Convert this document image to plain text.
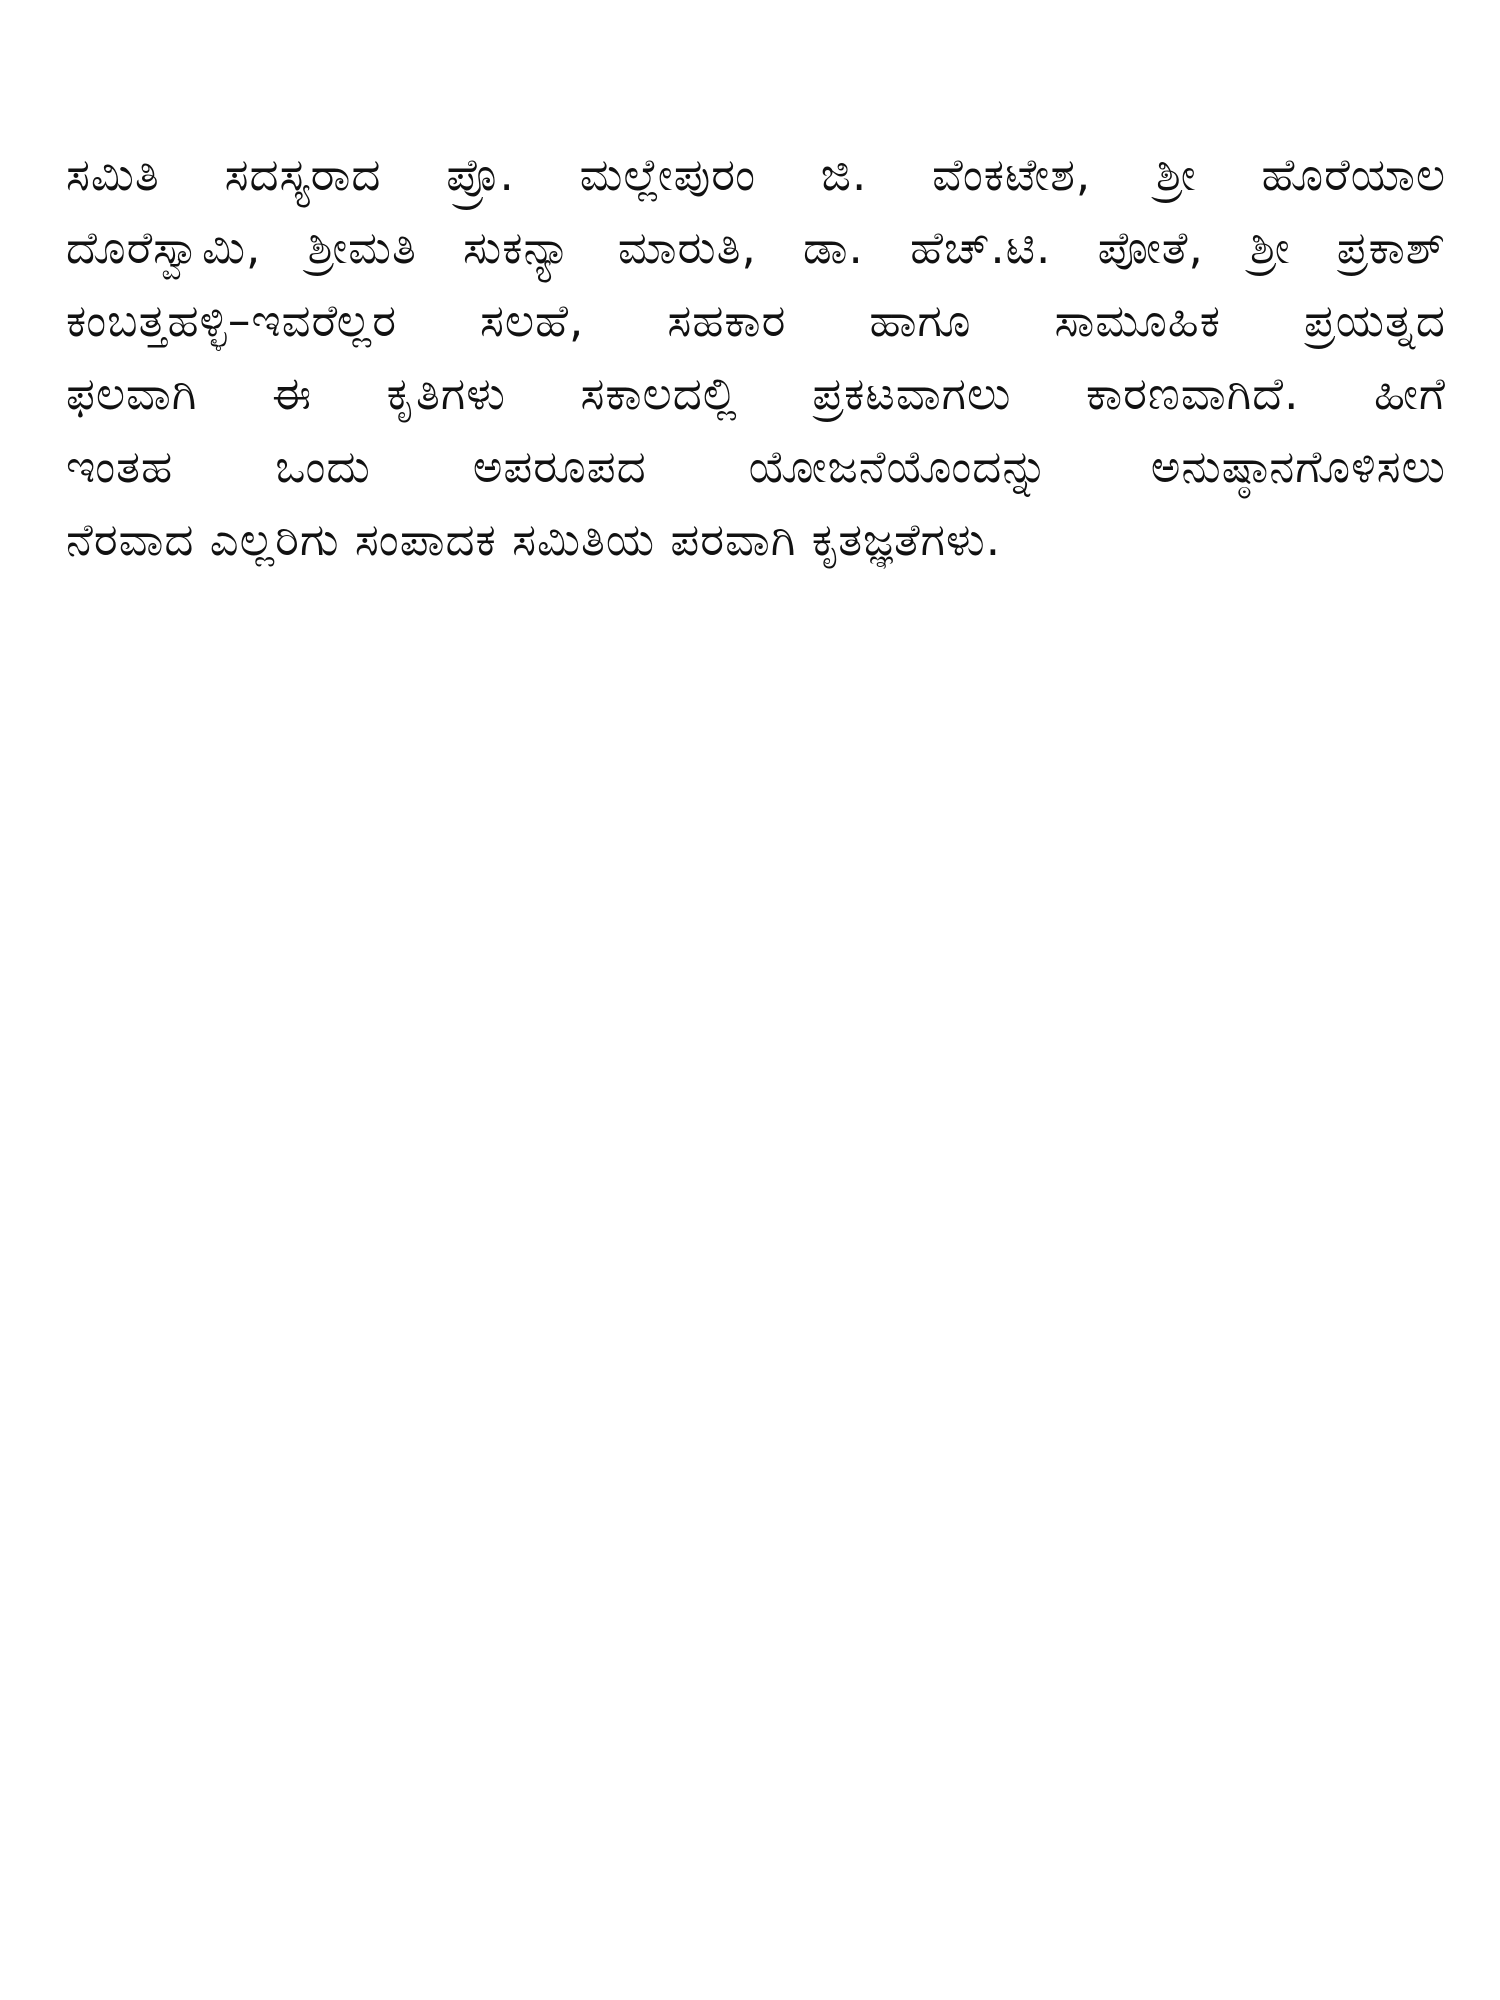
ಸಮಿತಿ ಸದಸ್ಯರಾದ ಪ್ರೊ. ಮಲ್ಲೇಪುರಂ ಜಿ. ವೆಂಕಟೇಶ, ಶ್ರೀ ಹೊರೆಯಾಲ
ದೊರೆಸ್ವಾಮಿ, ಶ್ರೀಮತಿ ಸುಕನ್ಯಾ ಮಾರುತಿ, ಡಾ. ಹೆಚ್.ಟಿ. ಪೋತೆ, ಶ್ರೀ ಪ್ರಕಾಶ್
ಕಂಬತ್ತಹಳ್ಳಿ–ಇವರೆಲ್ಲರ ಸಲಹೆ, ಸಹಕಾರ ಹಾಗೂ ಸಾಮೂಹಿಕ ಪ್ರಯತ್ನದ
ಫಲವಾಗಿ ಈ ಕೃತಿಗಳು ಸಕಾಲದಲ್ಲಿ ಪ್ರಕಟವಾಗಲು ಕಾರಣವಾಗಿದೆ. ಹೀಗೆ
ಇಂತಹ ಒಂದು ಅಪರೂಪದ ಯೋಜನೆಯೊಂದನ್ನು ಅನುಷ್ಠಾನಗೊಳಿಸಲು
ನೆರವಾದ ಎಲ್ಲರಿಗು ಸಂಪಾದಕ ಸಮಿತಿಯ ಪರವಾಗಿ ಕೃತಜ್ಞತೆಗಳು.
